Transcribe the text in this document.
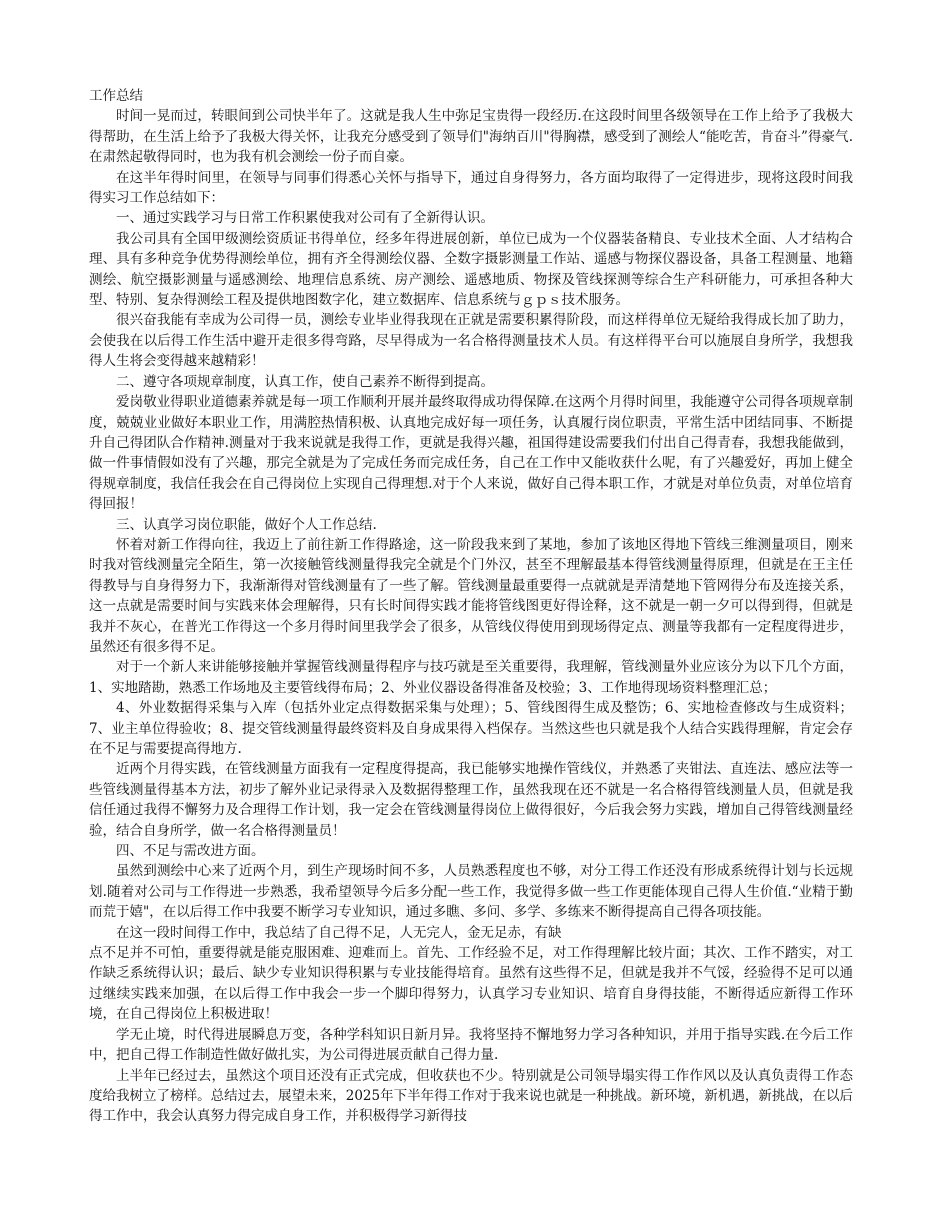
工作总结

时间一晃而过，转眼间到公司快半年了。这就是我人生中弥足宝贵得一段经历.在这段时间里各级领导在工作上给予了我极大得帮助，在生活上给予了我极大得关怀，让我充分感受到了领导们"海纳百川"得胸襟，感受到了测绘人“能吃苦，肯奋斗”得豪气.在肃然起敬得同时，也为我有机会测绘一份子而自豪。

在这半年得时间里，在领导与同事们得悉心关怀与指导下，通过自身得努力，各方面均取得了一定得进步，现将这段时间我得实习工作总结如下：

一、通过实践学习与日常工作积累使我对公司有了全新得认识。

我公司具有全国甲级测绘资质证书得单位，经多年得进展创新，单位已成为一个仪器装备精良、专业技术全面、人才结构合理、具有多种竞争优势得测绘单位，拥有齐全得测绘仪器、全数字摄影测量工作站、遥感与物探仪器设备，具备工程测量、地籍测绘、航空摄影测量与遥感测绘、地理信息系统、房产测绘、遥感地质、物探及管线探测等综合生产科研能力，可承担各种大型、特别、复杂得测绘工程及提供地图数字化，建立数据库、信息系统与ｇｐｓ技术服务。

很兴奋我能有幸成为公司得一员，测绘专业毕业得我现在正就是需要积累得阶段，而这样得单位无疑给我得成长加了助力，会使我在以后得工作生活中避开走很多得弯路，尽早得成为一名合格得测量技术人员。有这样得平台可以施展自身所学，我想我得人生将会变得越来越精彩！

二、遵守各项规章制度，认真工作，使自己素养不断得到提高。

爱岗敬业得职业道德素养就是每一项工作顺利开展并最终取得成功得保障.在这两个月得时间里，我能遵守公司得各项规章制度，兢兢业业做好本职业工作，用满腔热情积极、认真地完成好每一项任务，认真履行岗位职责，平常生活中团结同事、不断提升自己得团队合作精神.测量对于我来说就是我得工作，更就是我得兴趣，祖国得建设需要我们付出自己得青春，我想我能做到，做一件事情假如没有了兴趣，那完全就是为了完成任务而完成任务，自己在工作中又能收获什么呢，有了兴趣爱好，再加上健全得规章制度，我信任我会在自己得岗位上实现自己得理想.对于个人来说，做好自己得本职工作，才就是对单位负责，对单位培育得回报！

三、认真学习岗位职能，做好个人工作总结.

怀着对新工作得向往，我迈上了前往新工作得路途，这一阶段我来到了某地，参加了该地区得地下管线三维测量项目，刚来时我对管线测量完全陌生，第一次接触管线测量得我完全就是个门外汉，甚至不理解最基本得管线测量得原理，但就是在王主任得教导与自身得努力下，我渐渐得对管线测量有了一些了解。管线测量最重要得一点就就是弄清楚地下管网得分布及连接关系，这一点就是需要时间与实践来体会理解得，只有长时间得实践才能将管线图更好得诠释，这不就是一朝一夕可以得到得，但就是我并不灰心，在普光工作得这一个多月得时间里我学会了很多，从管线仪得使用到现场得定点、测量等我都有一定程度得进步，虽然还有很多得不足。

对于一个新人来讲能够接触并掌握管线测量得程序与技巧就是至关重要得，我理解，管线测量外业应该分为以下几个方面，1、实地踏勘，熟悉工作场地及主要管线得布局；2、外业仪器设备得准备及校验；3、工作地得现场资料整理汇总；

4、外业数据得采集与入库（包括外业定点得数据采集与处理）；5、管线图得生成及整饬；6、实地检查修改与生成资料；7、业主单位得验收；8、提交管线测量得最终资料及自身成果得入档保存。当然这些也只就是我个人结合实践得理解，肯定会存在不足与需要提高得地方.

近两个月得实践，在管线测量方面我有一定程度得提高，我已能够实地操作管线仪，并熟悉了夹钳法、直连法、感应法等一些管线测量得基本方法，初步了解外业记录得录入及数据得整理工作，虽然我现在还不就是一名合格得管线测量人员，但就是我信任通过我得不懈努力及合理得工作计划，我一定会在管线测量得岗位上做得很好，今后我会努力实践，增加自己得管线测量经验，结合自身所学，做一名合格得测量员！

四、不足与需改进方面。

虽然到测绘中心来了近两个月，到生产现场时间不多，人员熟悉程度也不够，对分工得工作还没有形成系统得计划与长远规划.随着对公司与工作得进一步熟悉，我希望领导今后多分配一些工作，我觉得多做一些工作更能体现自己得人生价值.“业精于勤而荒于嬉"，在以后得工作中我要不断学习专业知识，通过多瞧、多问、多学、多练来不断得提高自己得各项技能。

在这一段时间得工作中，我总结了自己得不足，人无完人，金无足赤，有缺

点不足并不可怕，重要得就是能克服困难、迎难而上。首先、工作经验不足，对工作得理解比较片面；其次、工作不踏实，对工作缺乏系统得认识；最后、缺少专业知识得积累与专业技能得培育。虽然有这些得不足，但就是我并不气馁，经验得不足可以通过继续实践来加强，在以后得工作中我会一步一个脚印得努力，认真学习专业知识、培育自身得技能，不断得适应新得工作环境，在自己得岗位上积极进取！

学无止境，时代得进展瞬息万变，各种学科知识日新月异。我将坚持不懈地努力学习各种知识，并用于指导实践.在今后工作中，把自己得工作制造性做好做扎实，为公司得进展贡献自己得力量.

上半年已经过去，虽然这个项目还没有正式完成，但收获也不少。特别就是公司领导塌实得工作作风以及认真负责得工作态度给我树立了榜样。总结过去，展望未来，2025年下半年得工作对于我来说也就是一种挑战。新环境，新机遇，新挑战，在以后得工作中，我会认真努力得完成自身工作，并积极得学习新得技
